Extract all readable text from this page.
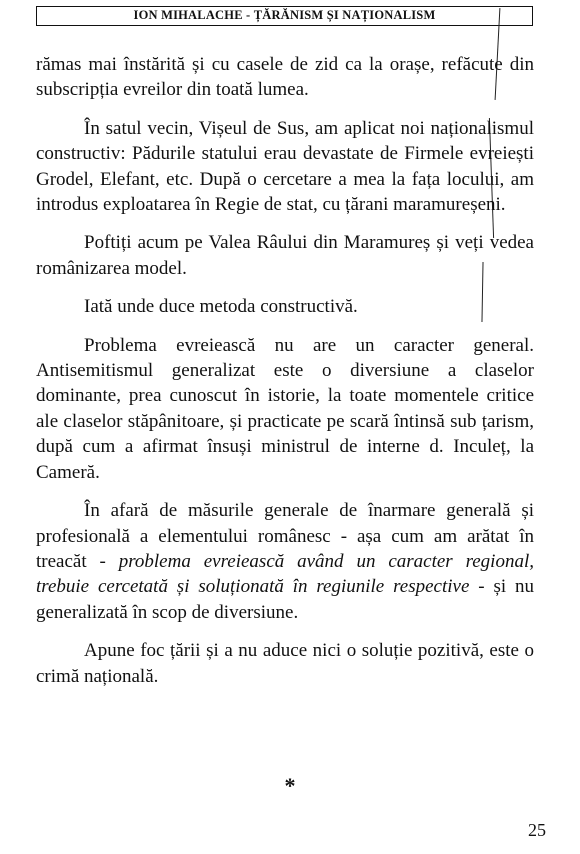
ION MIHALACHE - ȚĂRĂNISM ȘI NAȚIONALISM

rămas mai înstărită și cu casele de zid ca la orașe, refăcute din subscripția evreilor din toată lumea.

În satul vecin, Vișeul de Sus, am aplicat noi naționalismul constructiv: Pădurile statului erau devastate de Firmele evreiești Grodel, Elefant, etc. După o cercetare a mea la fața locului, am introdus exploatarea în Regie de stat, cu țărani maramureșeni.

Poftiți acum pe Valea Râului din Maramureș și veți vedea românizarea model.

Iată unde duce metoda constructivă.

Problema evreiească nu are un caracter general. Antisemitismul generalizat este o diversiune a claselor dominante, prea cunoscut în istorie, la toate momentele critice ale claselor stăpânitoare, și practicate pe scară întinsă sub țarism, după cum a afirmat însuși ministrul de interne d. Inculeț, la Cameră.

În afară de măsurile generale de înarmare generală și profesională a elementului românesc - așa cum am arătat în treacăt - problema evreiească având un caracter regional, trebuie cercetată și soluționată în regiunile respective - și nu generalizată în scop de diversiune.

Apune foc țării și a nu aduce nici o soluție pozitivă, este o crimă națională.

*
25
